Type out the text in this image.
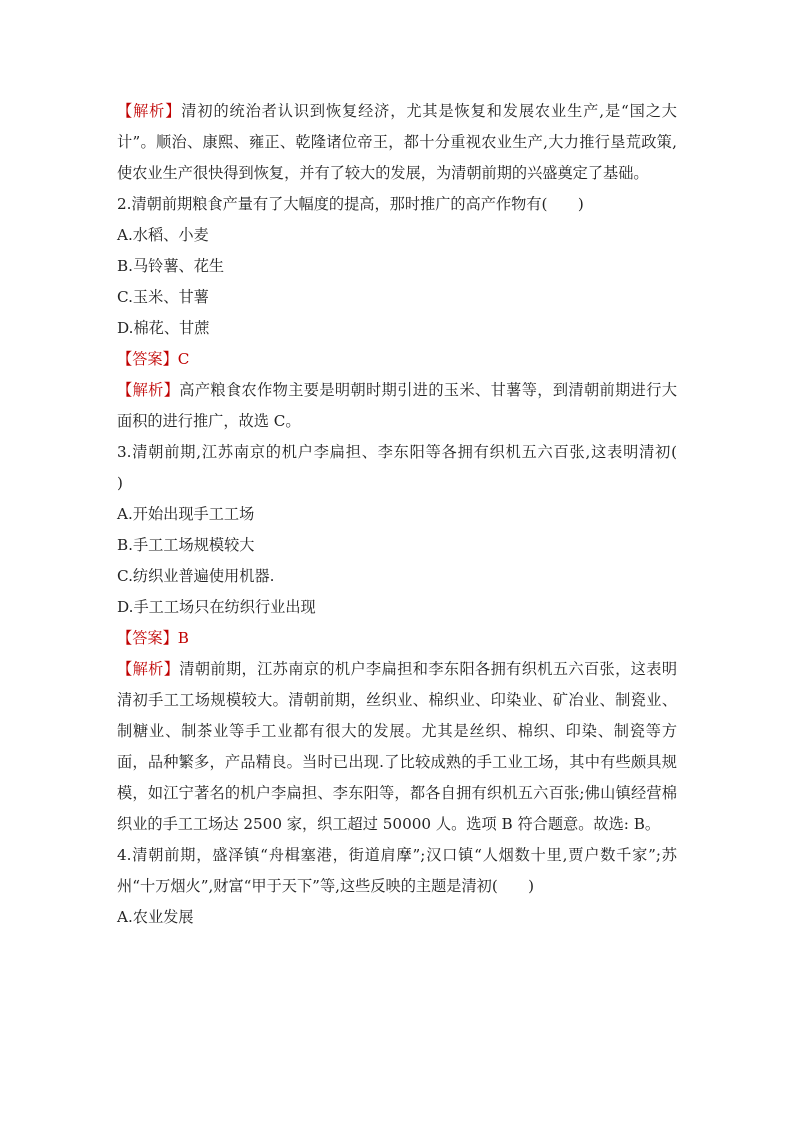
【解析】清初的统治者认识到恢复经济，尤其是恢复和发展农业生产,是“国之大计”。顺治、康熙、雍正、乾隆诸位帝王，都十分重视农业生产,大力推行垦荒政策,使农业生产很快得到恢复，并有了较大的发展，为清朝前期的兴盛奠定了基础。

2.清朝前期粮食产量有了大幅度的提高，那时推广的高产作物有(　　)

A.水稻、小麦

B.马铃薯、花生

C.玉米、甘薯

D.棉花、甘蔗

【答案】C

【解析】高产粮食农作物主要是明朝时期引进的玉米、甘薯等，到清朝前期进行大面积的进行推广，故选 C。

3.清朝前期,江苏南京的机户李扁担、李东阳等各拥有织机五六百张,这表明清初(　　　)

A.开始出现手工工场

B.手工工场规模较大

C.纺织业普遍使用机器.

D.手工工场只在纺织行业出现

【答案】B

【解析】清朝前期，江苏南京的机户李扁担和李东阳各拥有织机五六百张，这表明清初手工工场规模较大。清朝前期，丝织业、棉织业、印染业、矿冶业、制瓷业、制糖业、制茶业等手工业都有很大的发展。尤其是丝织、棉织、印染、制瓷等方面，品种繁多，产品精良。当时已出现.了比较成熟的手工业工场，其中有些颇具规模，如江宁著名的机户李扁担、李东阳等，都各自拥有织机五六百张;佛山镇经营棉织业的手工工场达 2500 家，织工超过 50000 人。选项 B 符合题意。故选: B。

4.清朝前期，盛泽镇“舟楫塞港，街道肩摩”;汉口镇“人烟数十里,贾户数千家”;苏州“十万烟火”,财富“甲于天下”等,这些反映的主题是清初(　　)

A.农业发展
